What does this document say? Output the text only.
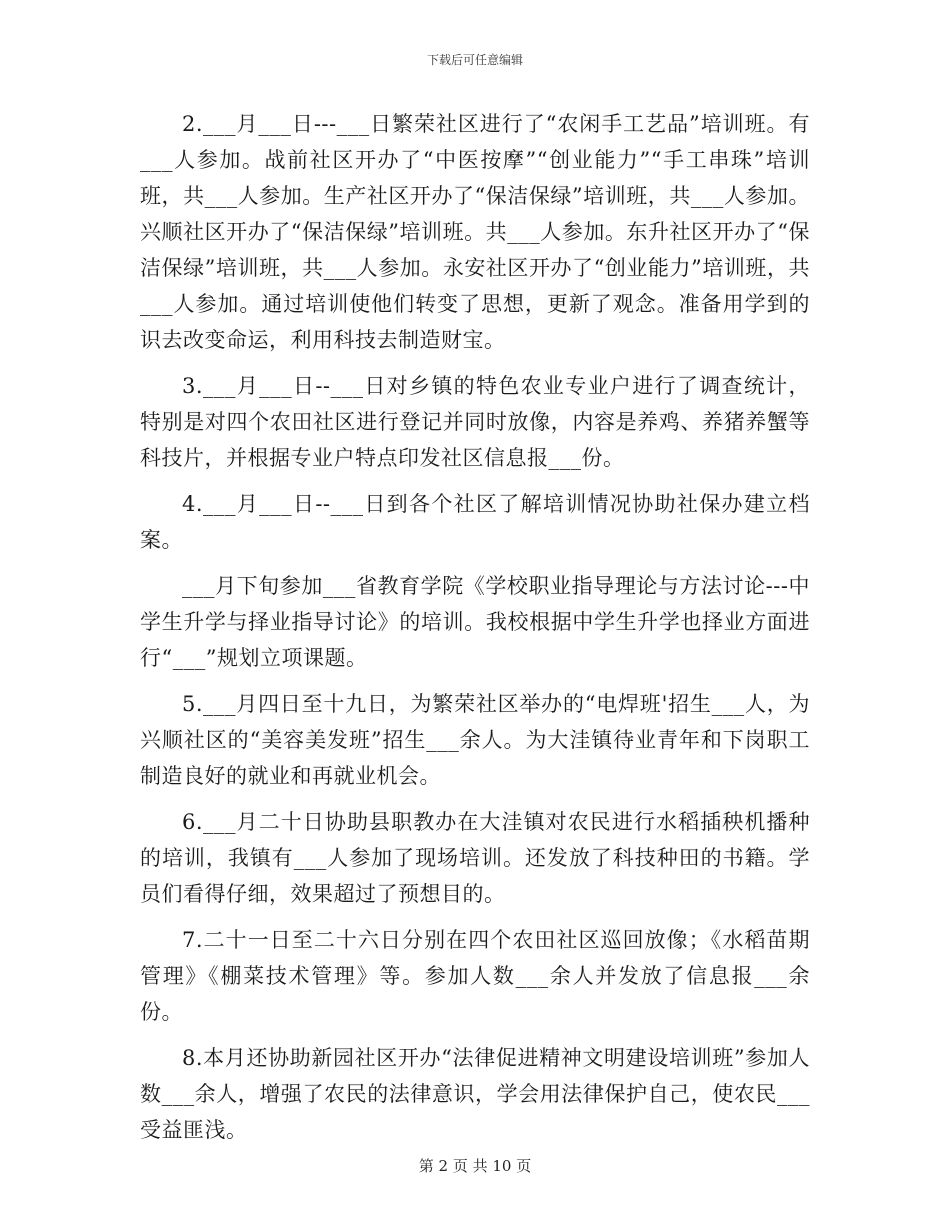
下载后可任意编辑

2.___月___日---___日繁荣社区进行了“农闲手工艺品”培训班。有___人参加。战前社区开办了“中医按摩”“创业能力”“手工串珠”培训班，共___人参加。生产社区开办了“保洁保绿”培训班，共___人参加。兴顺社区开办了“保洁保绿”培训班。共___人参加。东升社区开办了“保洁保绿”培训班，共___人参加。永安社区开办了“创业能力”培训班，共___人参加。通过培训使他们转变了思想，更新了观念。准备用学到的识去改变命运，利用科技去制造财宝。

3.___月___日--___日对乡镇的特色农业专业户进行了调查统计，特别是对四个农田社区进行登记并同时放像，内容是养鸡、养猪养蟹等科技片，并根据专业户特点印发社区信息报___份。

4.___月___日--___日到各个社区了解培训情况协助社保办建立档案。

___月下旬参加___省教育学院《学校职业指导理论与方法讨论---中学生升学与择业指导讨论》的培训。我校根据中学生升学也择业方面进行“___”规划立项课题。

5.___月四日至十九日，为繁荣社区举办的“电焊班'招生___人，为兴顺社区的“美容美发班”招生___余人。为大洼镇待业青年和下岗职工制造良好的就业和再就业机会。

6.___月二十日协助县职教办在大洼镇对农民进行水稻插秧机播种的培训，我镇有___人参加了现场培训。还发放了科技种田的书籍。学员们看得仔细，效果超过了预想目的。

7.二十一日至二十六日分别在四个农田社区巡回放像；《水稻苗期管理》《棚菜技术管理》等。参加人数___余人并发放了信息报___余份。

8.本月还协助新园社区开办“法律促进精神文明建设培训班”参加人数___余人，增强了农民的法律意识，学会用法律保护自己，使农民___受益匪浅。

第 2 页 共 10 页
